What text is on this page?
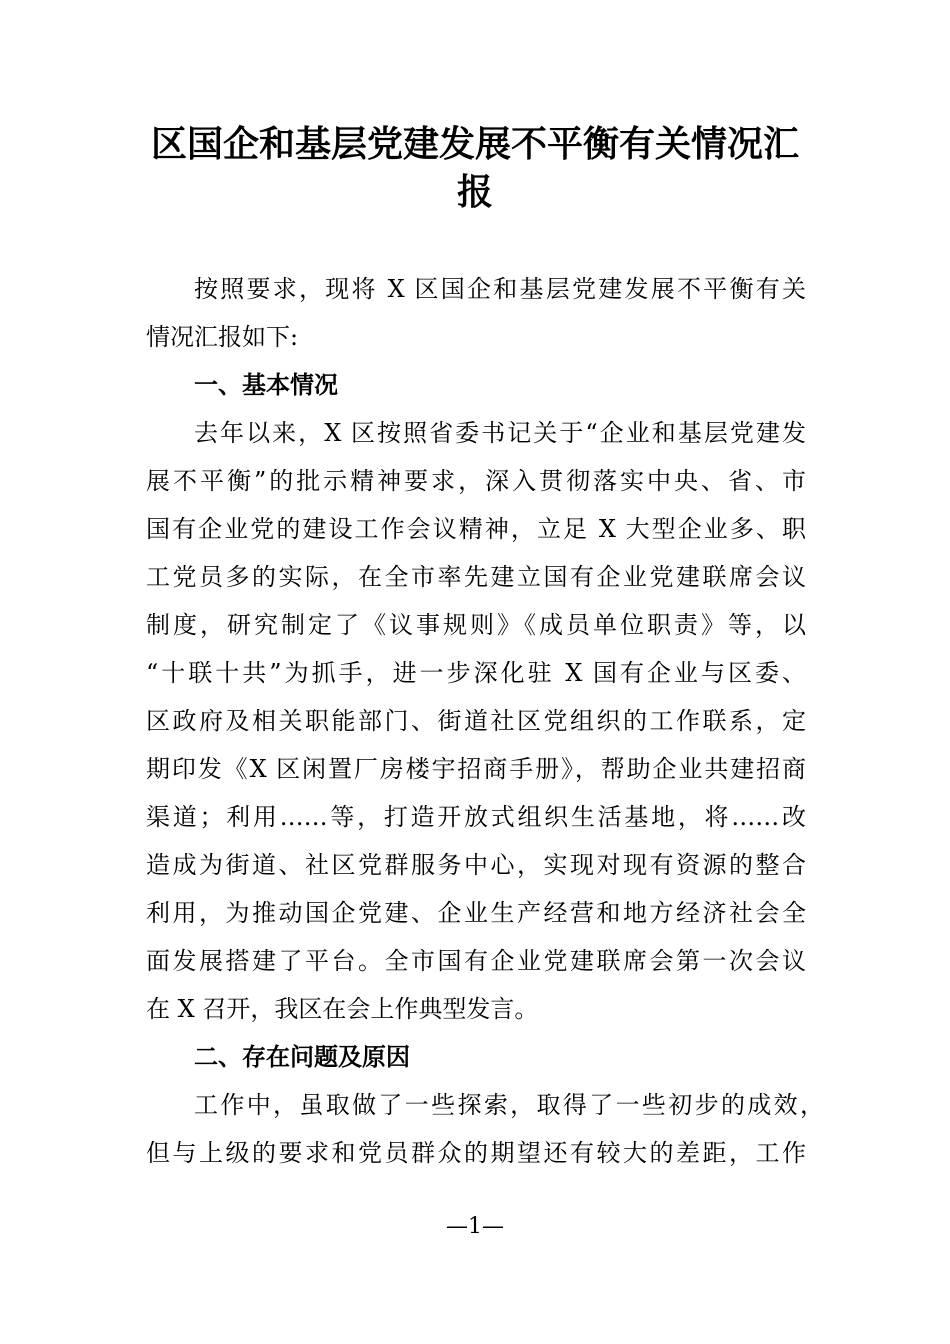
区国企和基层党建发展不平衡有关情况汇
报

按照要求，现将 X 区国企和基层党建发展不平衡有关

情况汇报如下:

一、基本情况

去年以来，X 区按照省委书记关于“企业和基层党建发

展不平衡”的批示精神要求，深入贯彻落实中央、省、市

国有企业党的建设工作会议精神，立足 X 大型企业多、职

工党员多的实际，在全市率先建立国有企业党建联席会议

制度，研究制定了《议事规则》《成员单位职责》等，以

“十联十共”为抓手，进一步深化驻 X 国有企业与区委、

区政府及相关职能部门、街道社区党组织的工作联系，定

期印发《X 区闲置厂房楼宇招商手册》，帮助企业共建招商

渠道；利用……等，打造开放式组织生活基地，将……改

造成为街道、社区党群服务中心，实现对现有资源的整合

利用，为推动国企党建、企业生产经营和地方经济社会全

面发展搭建了平台。全市国有企业党建联席会第一次会议

在 X 召开，我区在会上作典型发言。

二、存在问题及原因

工作中，虽取做了一些探索，取得了一些初步的成效，

但与上级的要求和党员群众的期望还有较大的差距，工作

—1—
